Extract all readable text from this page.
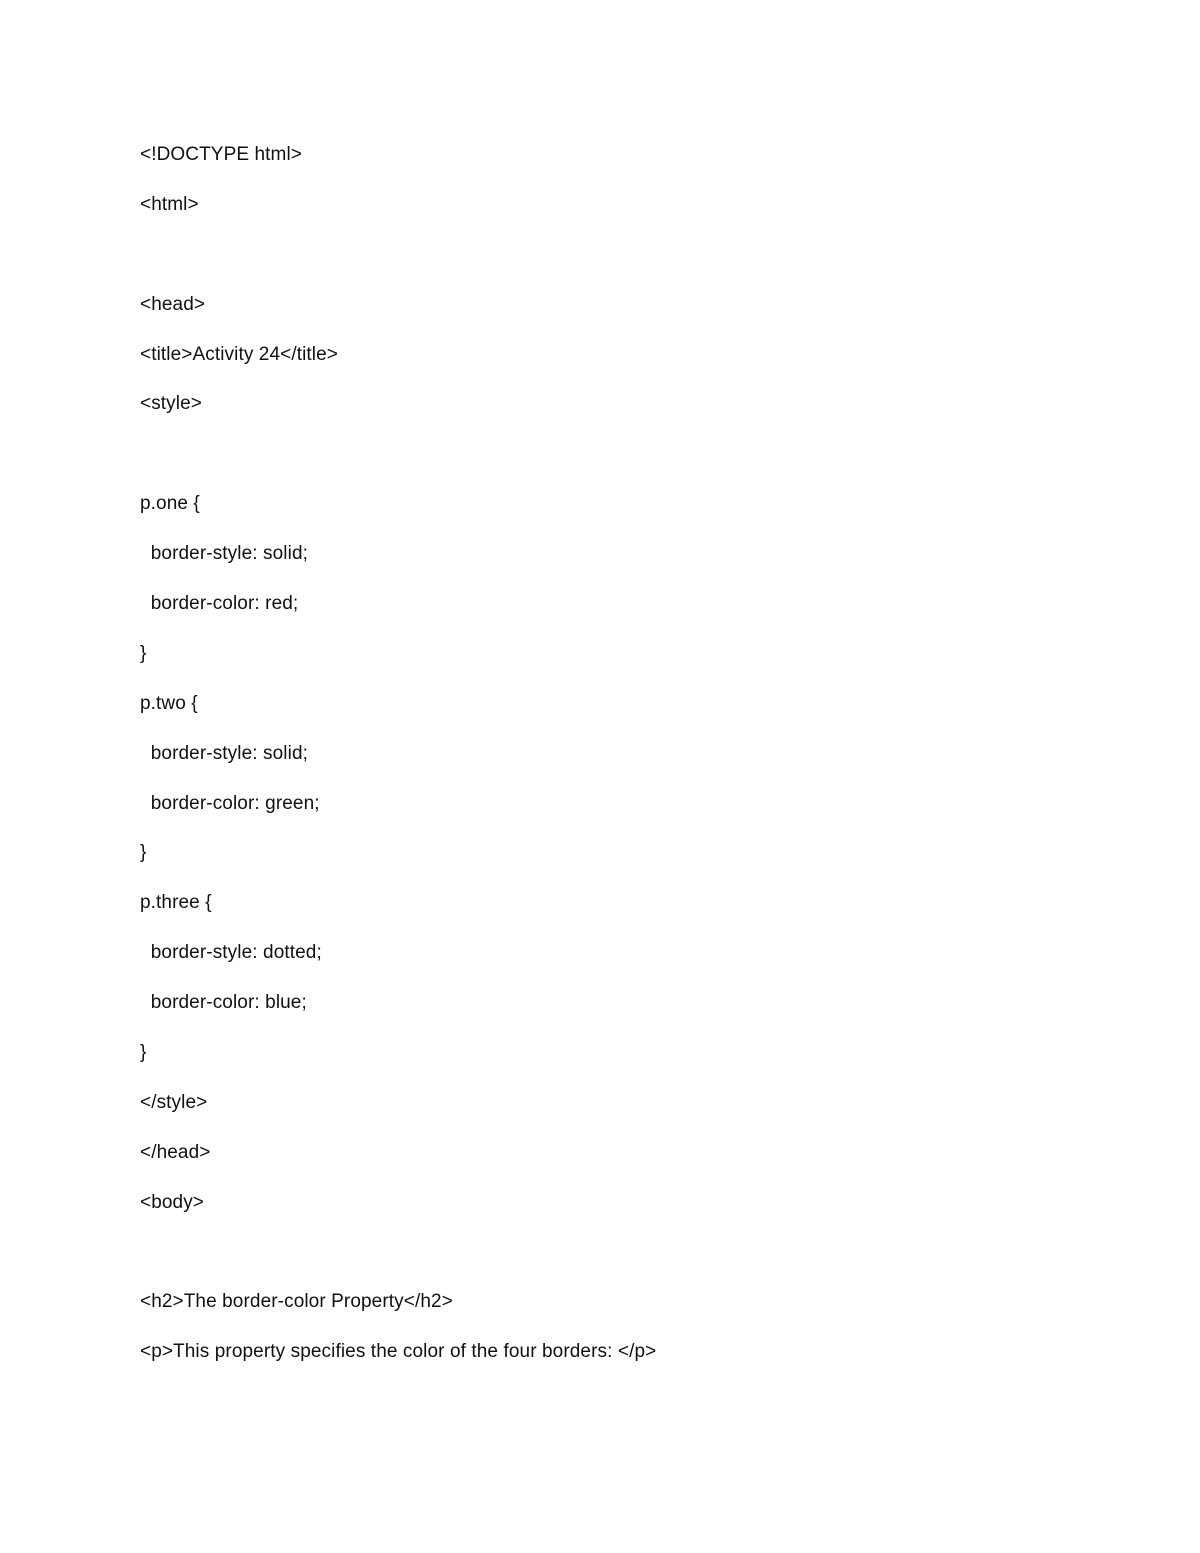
<!DOCTYPE html>
<html>
<head>
<title>Activity 24</title>
<style>
p.one {
border-style: solid;
border-color: red;
}
p.two {
border-style: solid;
border-color: green;
}
p.three {
border-style: dotted;
border-color: blue;
}
</style>
</head>
<body>
<h2>The border-color Property</h2>
<p>This property specifies the color of the four borders: </p>
